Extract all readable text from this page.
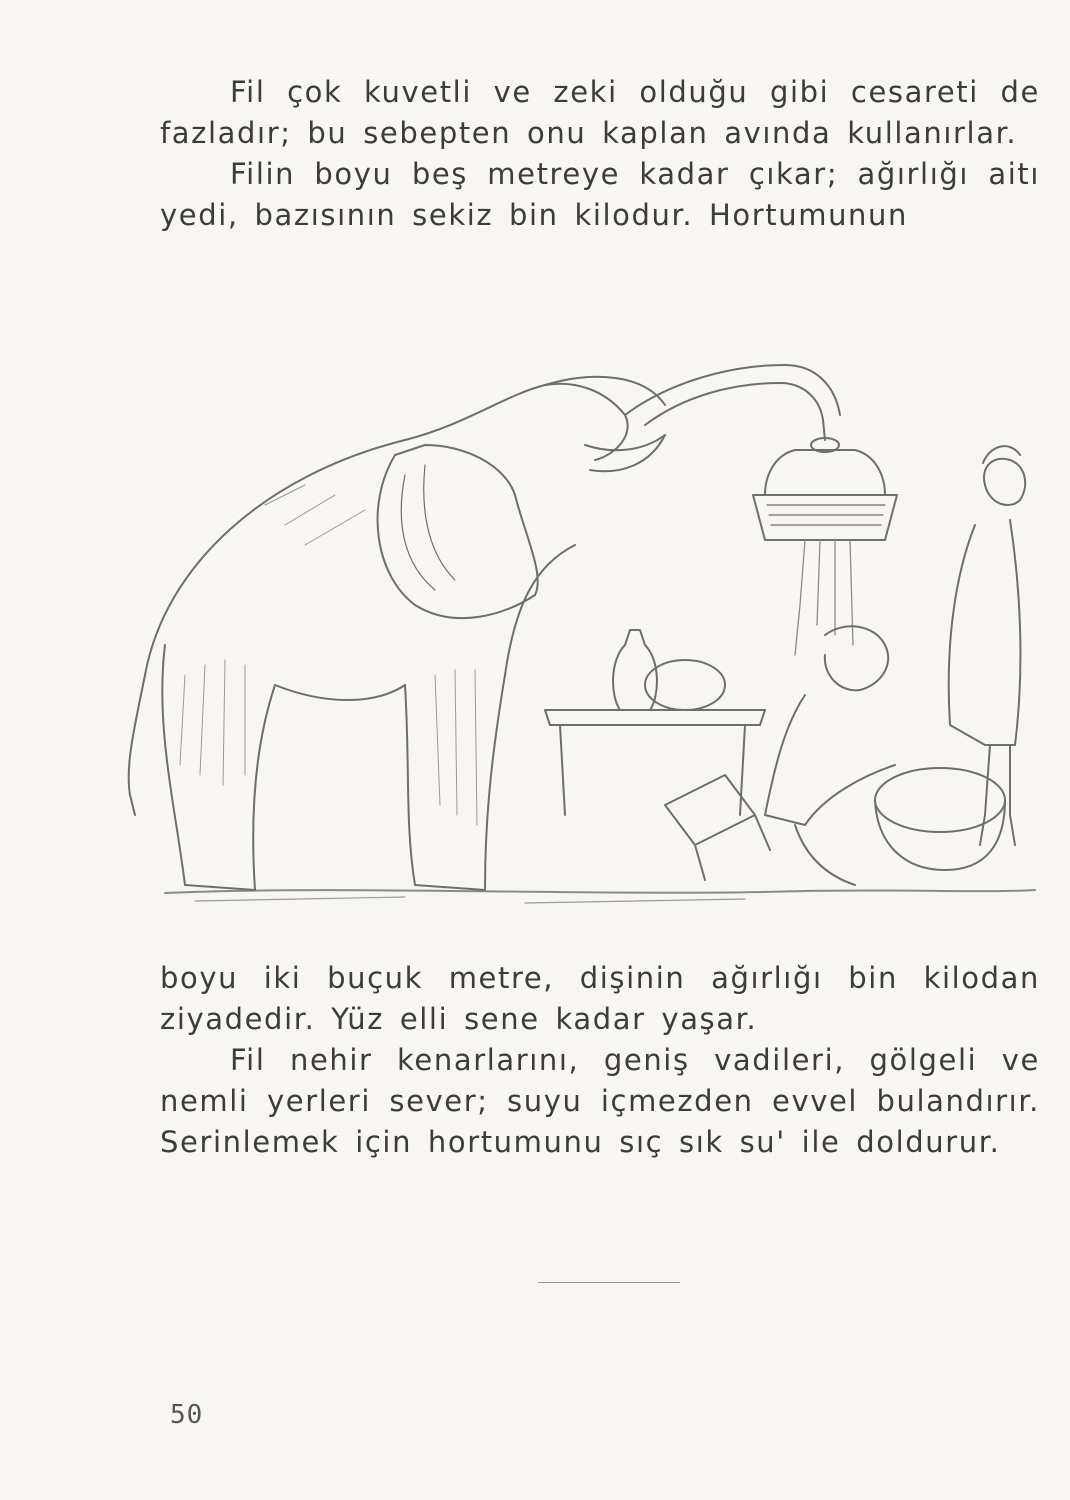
Fil çok kuvetli ve zeki olduğu gibi cesareti de fazladır; bu sebepten onu kaplan avında kullanırlar.

Filin boyu beş metreye kadar çıkar; ağırlığı aitı yedi, bazısının sekiz bin kilodur. Hortumunun

boyu iki buçuk metre, dişinin ağırlığı bin kilodan ziyadedir. Yüz elli sene kadar yaşar.

Fil nehir kenarlarını, geniş vadileri, gölgeli ve nemli yerleri sever; suyu içmezden evvel bulandırır. Serinlemek için hortumunu sıç sık su' ile doldurur.

50
